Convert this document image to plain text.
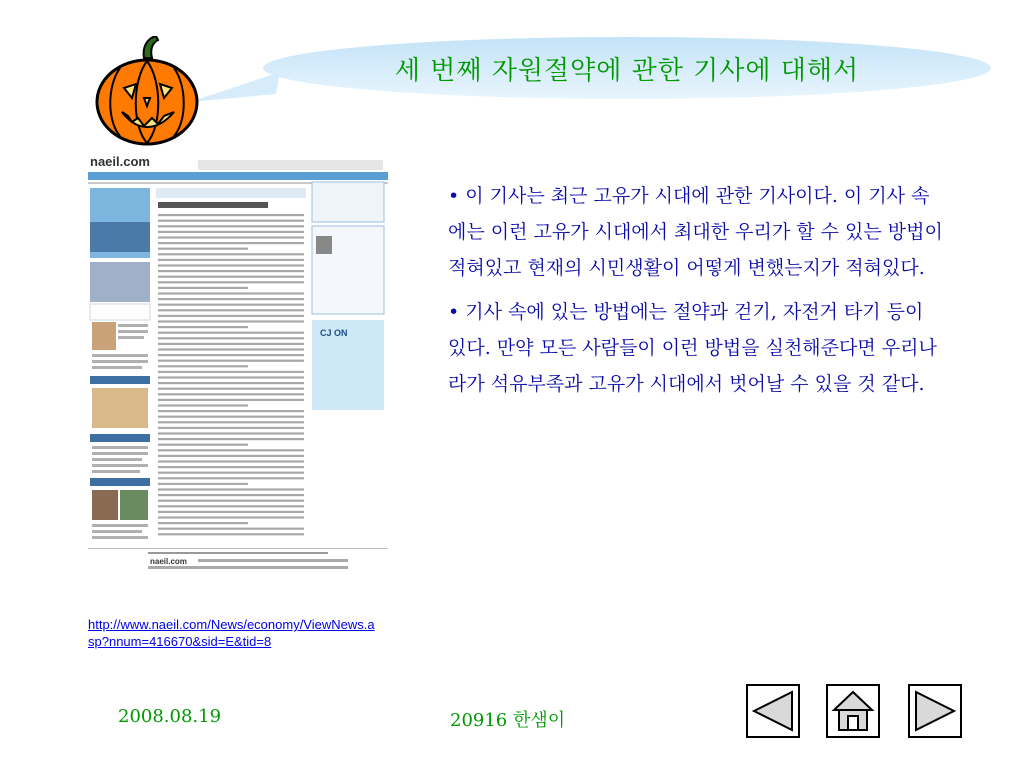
세 번째 자원절약에 관한 기사에 대해서
naeil.com
CJ ON
naeil.com
http://www.naeil.com/News/economy/ViewNews.asp?nnum=416670&sid=E&tid=8

• 이 기사는 최근 고유가 시대에 관한 기사이다. 이 기사 속에는 이런 고유가 시대에서 최대한 우리가 할 수 있는 방법이 적혀있고 현재의 시민생활이 어떻게 변했는지가 적혀있다.

• 기사 속에 있는 방법에는 절약과 걷기, 자전거 타기 등이 있다. 만약 모든 사람들이 이런 방법을 실천해준다면 우리나라가 석유부족과 고유가 시대에서 벗어날 수 있을 것 같다.

2008.08.19	20916 한샘이
